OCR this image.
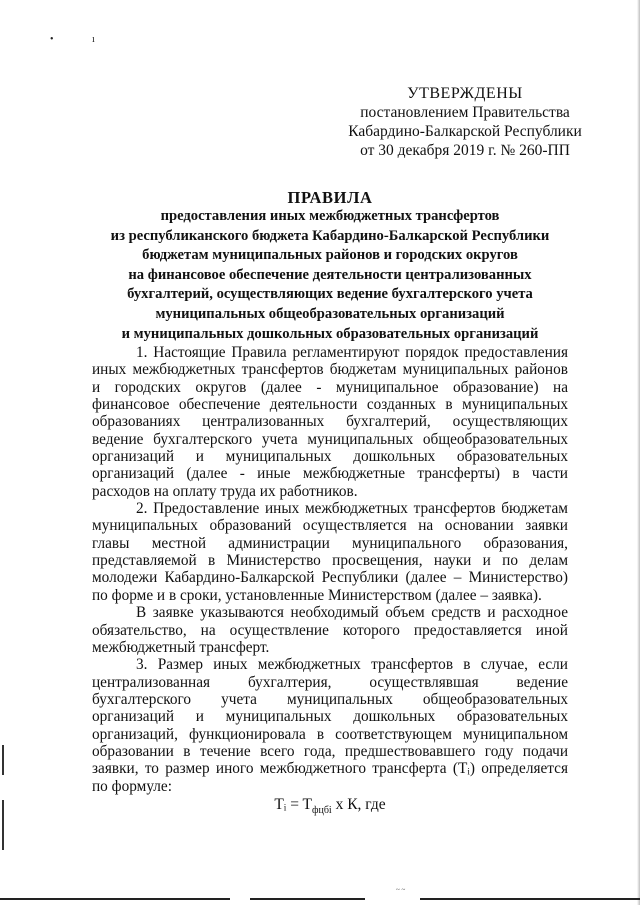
• ı
УТВЕРЖДЕНЫ
постановлением Правительства
Кабардино-Балкарской Республики
от 30 декабря 2019 г. № 260-ПП
ПРАВИЛА
предоставления иных межбюджетных трансфертов
из республиканского бюджета Кабардино-Балкарской Республики
бюджетам муниципальных районов и городских округов
на финансовое обеспечение деятельности централизованных
бухгалтерий, осуществляющих ведение бухгалтерского учета
муниципальных общеобразовательных организаций
и муниципальных дошкольных образовательных организаций

1. Настоящие Правила регламентируют порядок предоставления иных межбюджетных трансфертов бюджетам муниципальных районов и городских округов (далее - муниципальное образование) на финансовое обеспечение деятельности созданных в муниципальных образованиях централизованных бухгалтерий, осуществляющих ведение бухгалтерского учета муниципальных общеобразовательных организаций и муниципальных дошкольных образовательных организаций (далее - иные межбюджетные трансферты) в части расходов на оплату труда их работников.

2. Предоставление иных межбюджетных трансфертов бюджетам муниципальных образований осуществляется на основании заявки главы местной администрации муниципального образования, представляемой в Министерство просвещения, науки и по делам молодежи Кабардино-Балкарской Республики (далее – Министерство) по форме и в сроки, установленные Министерством (далее – заявка).

В заявке указываются необходимый объем средств и расходное обязательство, на осуществление которого предоставляется иной межбюджетный трансферт.

3. Размер иных межбюджетных трансфертов в случае, если централизованная бухгалтерия, осуществлявшая ведение бухгалтерского учета муниципальных общеобразовательных организаций и муниципальных дошкольных образовательных организаций, функционировала в соответствующем муниципальном образовании в течение всего года, предшествовавшего году подачи заявки, то размер иного межбюджетного трансферта (Tᵢ) определяется по формуле:

Tᵢ = $T_{фцбi}$ х К, где
~ ~
